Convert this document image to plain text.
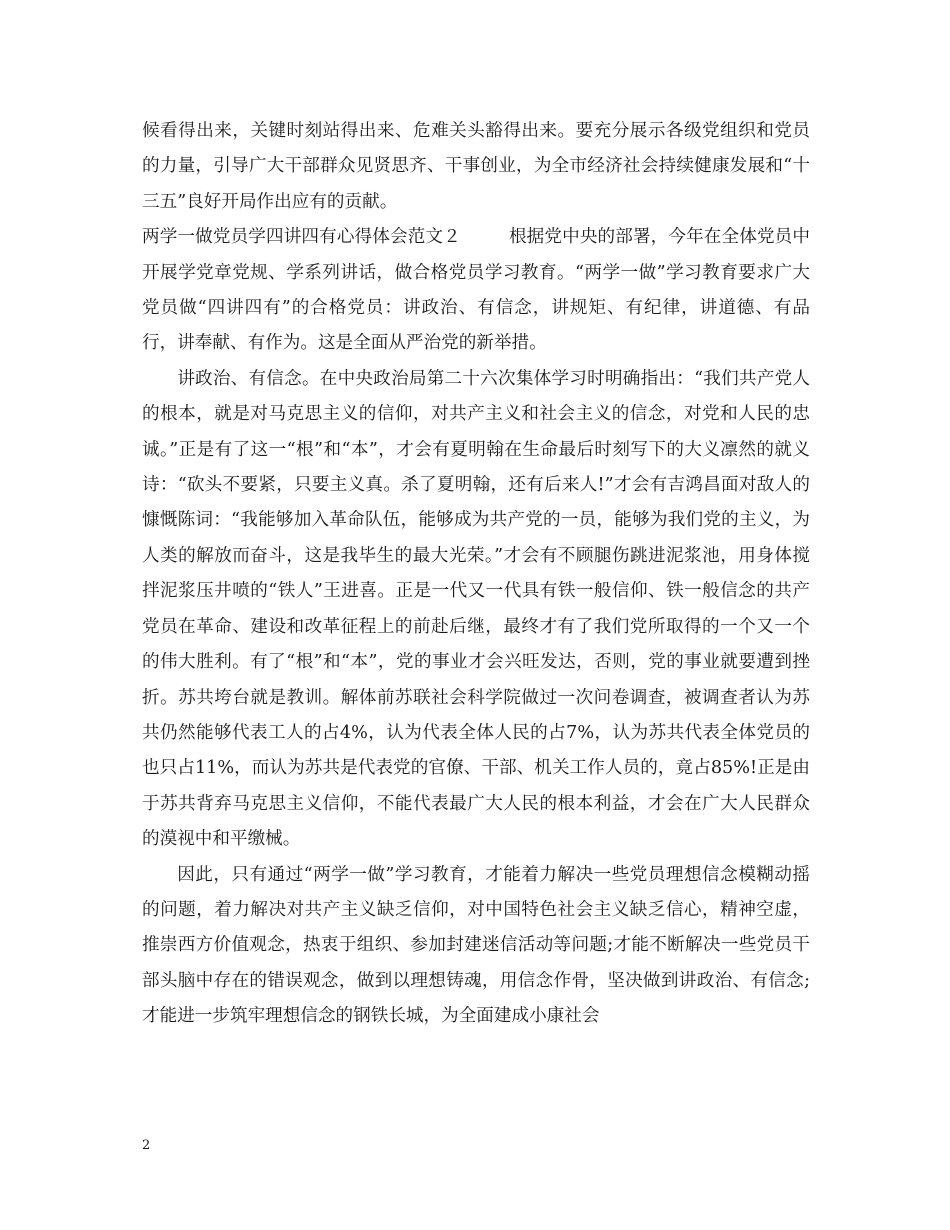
候看得出来，关键时刻站得出来、危难关头豁得出来。要充分展示各级党组织和党员的力量，引导广大干部群众见贤思齐、干事创业，为全市经济社会持续健康发展和“十三五”良好开局作出应有的贡献。

两学一做党员学四讲四有心得体会范文２	根据党中央的部署，今年在全体党员中开展学党章党规、学系列讲话，做合格党员学习教育。“两学一做”学习教育要求广大党员做“四讲四有”的合格党员：讲政治、有信念，讲规矩、有纪律，讲道德、有品行，讲奉献、有作为。这是全面从严治党的新举措。

讲政治、有信念。在中央政治局第二十六次集体学习时明确指出：“我们共产党人的根本，就是对马克思主义的信仰，对共产主义和社会主义的信念，对党和人民的忠诚。”正是有了这一“根”和“本”，才会有夏明翰在生命最后时刻写下的大义凛然的就义诗：“砍头不要紧，只要主义真。杀了夏明翰，还有后来人!”才会有吉鸿昌面对敌人的慷慨陈词：“我能够加入革命队伍，能够成为共产党的一员，能够为我们党的主义，为人类的解放而奋斗，这是我毕生的最大光荣。”才会有不顾腿伤跳进泥浆池，用身体搅拌泥浆压井喷的“铁人”王进喜。正是一代又一代具有铁一般信仰、铁一般信念的共产党员在革命、建设和改革征程上的前赴后继，最终才有了我们党所取得的一个又一个的伟大胜利。有了“根”和“本”，党的事业才会兴旺发达，否则，党的事业就要遭到挫折。苏共垮台就是教训。解体前苏联社会科学院做过一次问卷调查，被调查者认为苏共仍然能够代表工人的占4%，认为代表全体人民的占7%，认为苏共代表全体党员的也只占11%，而认为苏共是代表党的官僚、干部、机关工作人员的，竟占85%!正是由于苏共背弃马克思主义信仰，不能代表最广大人民的根本利益，才会在广大人民群众的漠视中和平缴械。

因此，只有通过“两学一做”学习教育，才能着力解决一些党员理想信念模糊动摇的问题，着力解决对共产主义缺乏信仰，对中国特色社会主义缺乏信心，精神空虚，推崇西方价值观念，热衷于组织、参加封建迷信活动等问题;才能不断解决一些党员干部头脑中存在的错误观念，做到以理想铸魂，用信念作骨，坚决做到讲政治、有信念;才能进一步筑牢理想信念的钢铁长城，为全面建成小康社会

2
